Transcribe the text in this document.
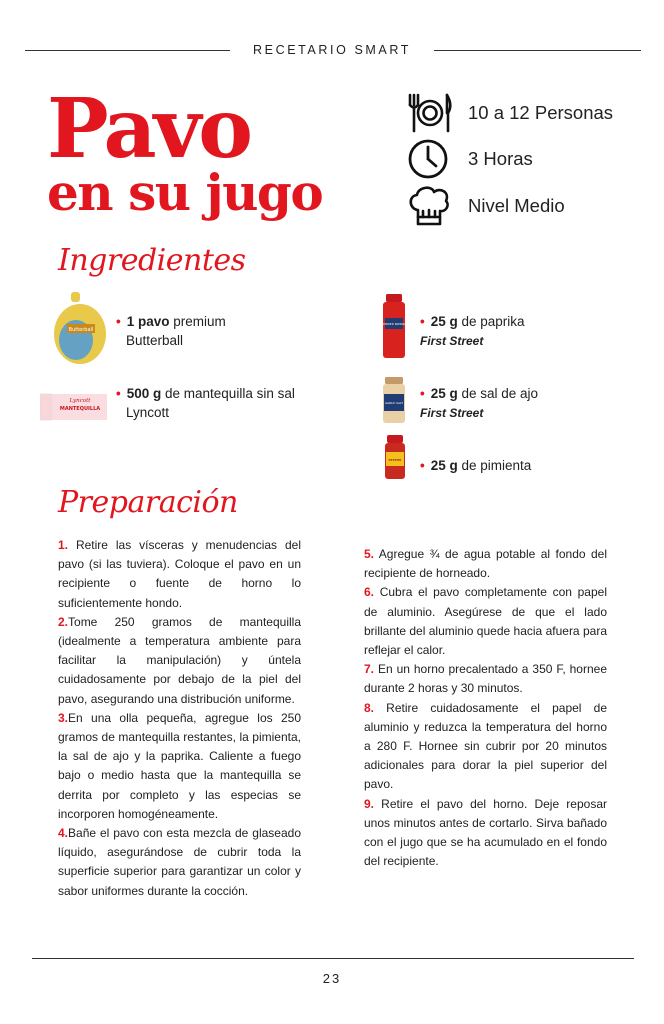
RECETARIO SMART
Pavo
en su jugo
10 a 12 Personas
3 Horas
Nivel Medio
Ingredientes
Butterball
Lyncott
MANTEQUILLA
SMOKED PAPRIKA
GARLIC SALT
PEPPER
• 1 pavo premium
Butterball
• 500 g de mantequilla sin sal
Lyncott
• 25 g de paprika
First Street
• 25 g de sal de ajo
First Street
• 25 g de pimienta
Preparación

1. Retire las vísceras y menudencias del pavo (si las tuviera). Coloque el pavo en un recipiente o fuente de horno lo suficientemente hondo.

2.Tome 250 gramos de mantequilla (idealmente a temperatura ambiente para facilitar la manipulación) y úntela cuidadosamente por debajo de la piel del pavo, asegurando una distribución uniforme.

3.En una olla pequeña, agregue los 250 gramos de mantequilla restantes, la pimienta, la sal de ajo y la paprika. Caliente a fuego bajo o medio hasta que la mantequilla se derrita por completo y las especias se incorporen homogéneamente.

4.Bañe el pavo con esta mezcla de glaseado líquido, asegurándose de cubrir toda la superficie superior para garantizar un color y sabor uniformes durante la cocción.

5. Agregue ¾ de agua potable al fondo del recipiente de horneado.

6. Cubra el pavo completamente con papel de aluminio. Asegúrese de que el lado brillante del aluminio quede hacia afuera para reflejar el calor.

7. En un horno precalentado a 350 F, hornee durante 2 horas y 30 minutos.

8. Retire cuidadosamente el papel de aluminio y reduzca la temperatura del horno a 280 F. Hornee sin cubrir por 20 minutos adicionales para dorar la piel superior del pavo.

9. Retire el pavo del horno. Deje reposar unos minutos antes de cortarlo. Sirva bañado con el jugo que se ha acumulado en el fondo del recipiente.

23
